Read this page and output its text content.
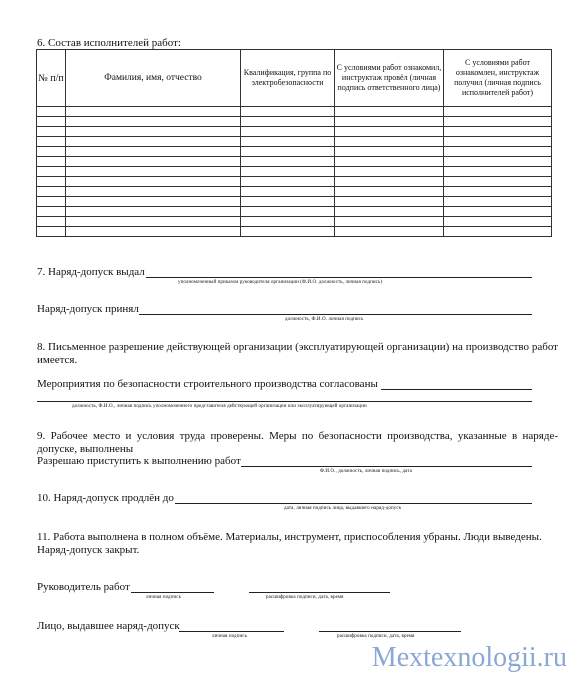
6. Состав исполнителей работ:
№ п/п	Фамилия, имя, отчество	Квалификация, группа по электробезопасности	С условиями работ ознакомил, инструктаж провёл (личная подпись ответственного лица)	С условиями работ ознакомлен, инструктаж получил (личная подпись исполнителей работ)

7. Наряд-допуск выдал
уполномоченный приказом руководителя организации (Ф.И.О. должность, личная подпись)
Наряд-допуск принял
должность, Ф.И.О. личная подпись

8. Письменное разрешение действующей организации (эксплуатирующей организации) на производство работ имеется.

Мероприятия по безопасности строительного производства согласованы
должность, Ф.И.О., личная подпись уполномоченного представителя действующей организации или эксплуатирующей организации

9. Рабочее место и условия труда проверены. Меры по безопасности производства, указанные в наряде-допуске, выполнены

Разрешаю приступить к выполнению работ
Ф.И.О., должность, личная подпись, дата
10. Наряд-допуск продлён до
дата, личная подпись лица, выдавшего наряд-допуск

11. Работа выполнена в полном объёме. Материалы, инструмент, приспособления убраны. Люди выведены.

Наряд-допуск закрыт.
Руководитель работ
личная подпись	расшифровка подписи, дата, время
Лицо, выдавшее наряд-допуск
личная подпись	расшифровка подписи, дата, время
Mextexnologii.ru
